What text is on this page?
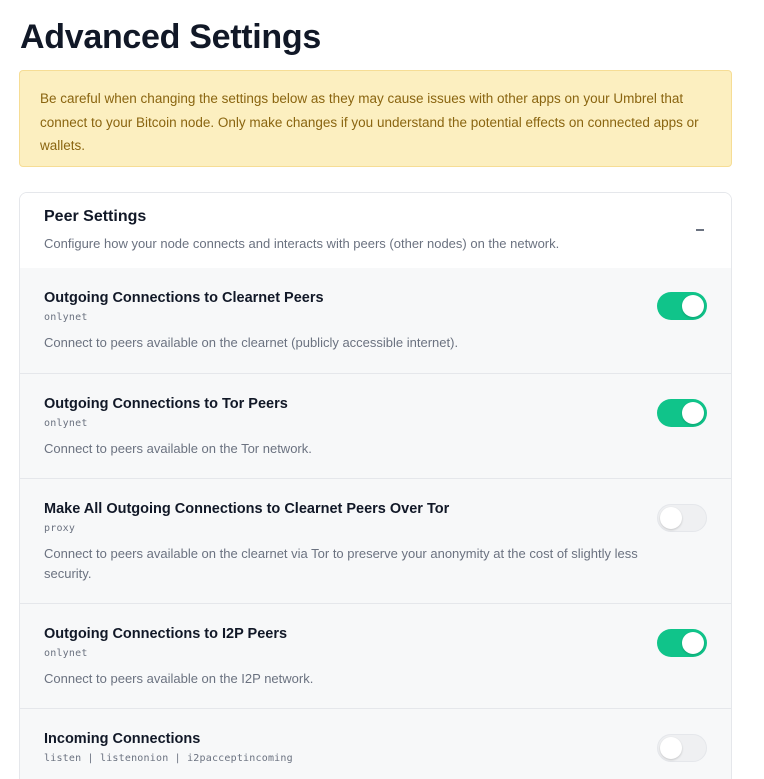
Advanced Settings
Be careful when changing the settings below as they may cause issues with other apps on your Umbrel that connect to your Bitcoin node. Only make changes if you understand the potential effects on connected apps or wallets.
Peer Settings
Configure how your node connects and interacts with peers (other nodes) on the network.
Outgoing Connections to Clearnet Peers
onlynet
Connect to peers available on the clearnet (publicly accessible internet).
Outgoing Connections to Tor Peers
onlynet
Connect to peers available on the Tor network.
Make All Outgoing Connections to Clearnet Peers Over Tor
proxy
Connect to peers available on the clearnet via Tor to preserve your anonymity at the cost of slightly less security.
Outgoing Connections to I2P Peers
onlynet
Connect to peers available on the I2P network.
Incoming Connections
listen | listenonion | i2pacceptincoming
